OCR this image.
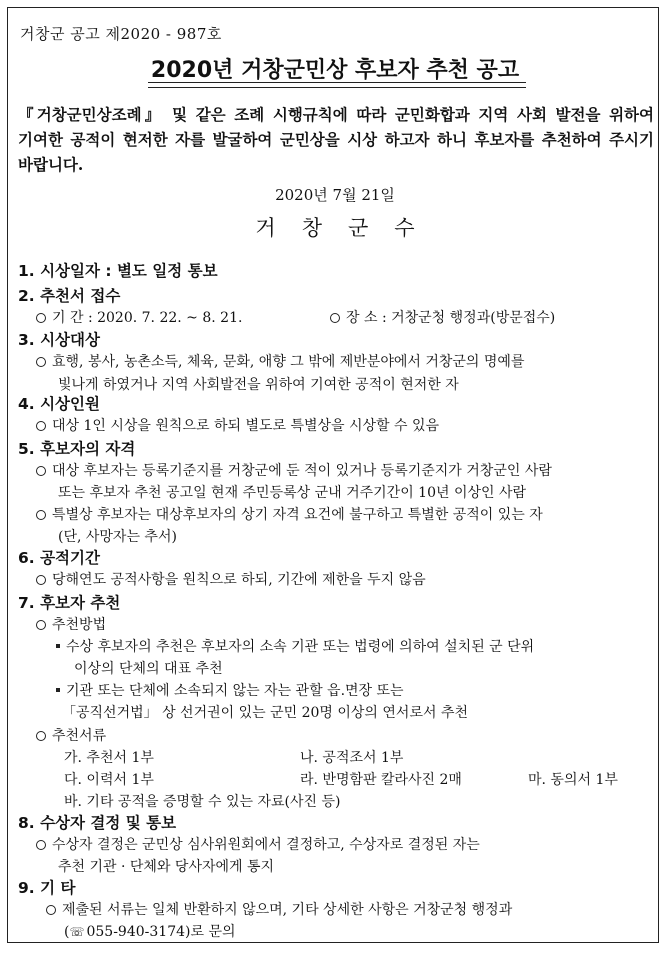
거창군 공고 제2020 - 987호
2020년 거창군민상 후보자 추천 공고
『거창군민상조례』 및 같은 조례 시행규칙에 따라 군민화합과 지역 사회 발전을 위하여 기여한 공적이 현저한 자를 발굴하여 군민상을 시상 하고자 하니 후보자를 추천하여 주시기 바랍니다.
2020년 7월 21일
거창군수
1. 시상일자 : 별도 일정 통보
2. 추천서 접수
기 간 : 2020. 7. 22. ~ 8. 21.	장 소 : 거창군청 행정과(방문접수)
3. 시상대상
효행, 봉사, 농촌소득, 체육, 문화, 애향 그 밖에 제반분야에서 거창군의 명예를
빛나게 하였거나 지역 사회발전을 위하여 기여한 공적이 현저한 자
4. 시상인원
대상 1인 시상을 원칙으로 하되 별도로 특별상을 시상할 수 있음
5. 후보자의 자격
대상 후보자는 등록기준지를 거창군에 둔 적이 있거나 등록기준지가 거창군인 사람
또는 후보자 추천 공고일 현재 주민등록상 군내 거주기간이 10년 이상인 사람
특별상 후보자는 대상후보자의 상기 자격 요건에 불구하고 특별한 공적이 있는 자
(단, 사망자는 추서)
6. 공적기간
당해연도 공적사항을 원칙으로 하되, 기간에 제한을 두지 않음
7. 후보자 추천
추천방법
수상 후보자의 추천은 후보자의 소속 기관 또는 법령에 의하여 설치된 군 단위
이상의 단체의 대표 추천
기관 또는 단체에 소속되지 않는 자는 관할 읍.면장 또는
「공직선거법」 상 선거권이 있는 군민 20명 이상의 연서로서 추천
추천서류
가. 추천서 1부	나. 공적조서 1부
다. 이력서 1부	라. 반명함판 칼라사진 2매	마. 동의서 1부
바. 기타 공적을 증명할 수 있는 자료(사진 등)
8. 수상자 결정 및 통보
수상자 결정은 군민상 심사위원회에서 결정하고, 수상자로 결정된 자는
추천 기관 · 단체와 당사자에게 통지
9. 기 타
제출된 서류는 일체 반환하지 않으며, 기타 상세한 사항은 거창군청 행정과
(☏ 055-940-3174)로 문의
